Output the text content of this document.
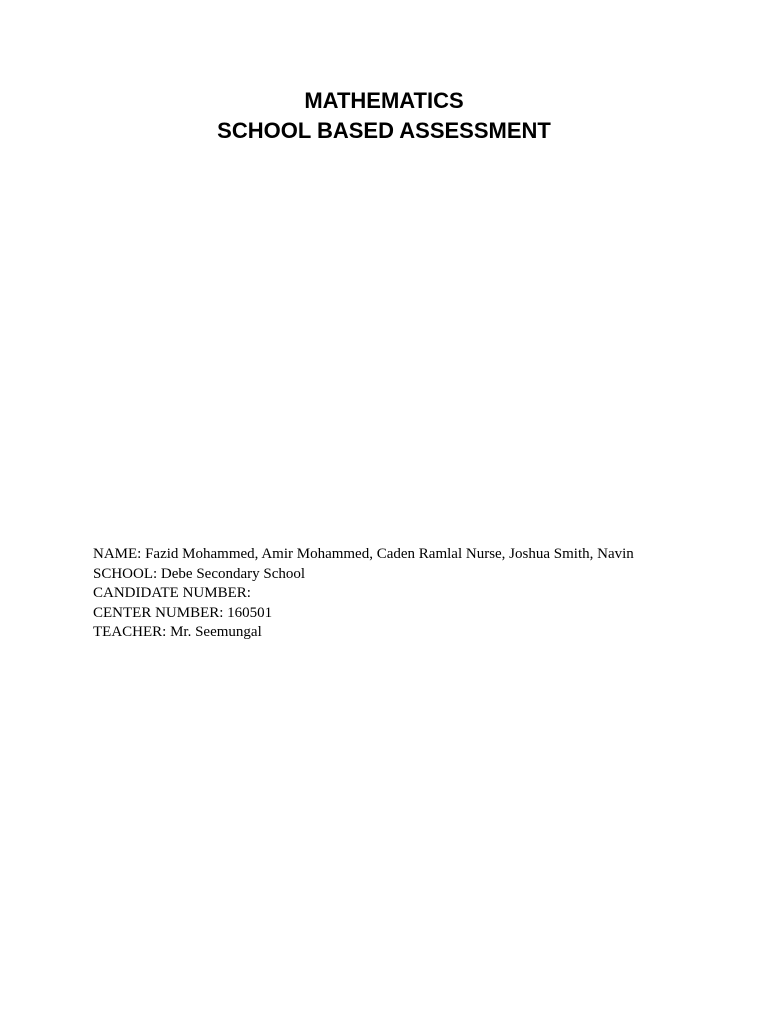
MATHEMATICS
SCHOOL BASED ASSESSMENT
NAME: Fazid Mohammed, Amir Mohammed, Caden Ramlal Nurse, Joshua Smith, Navin
SCHOOL: Debe Secondary School
CANDIDATE NUMBER:
CENTER NUMBER: 160501
TEACHER: Mr. Seemungal
